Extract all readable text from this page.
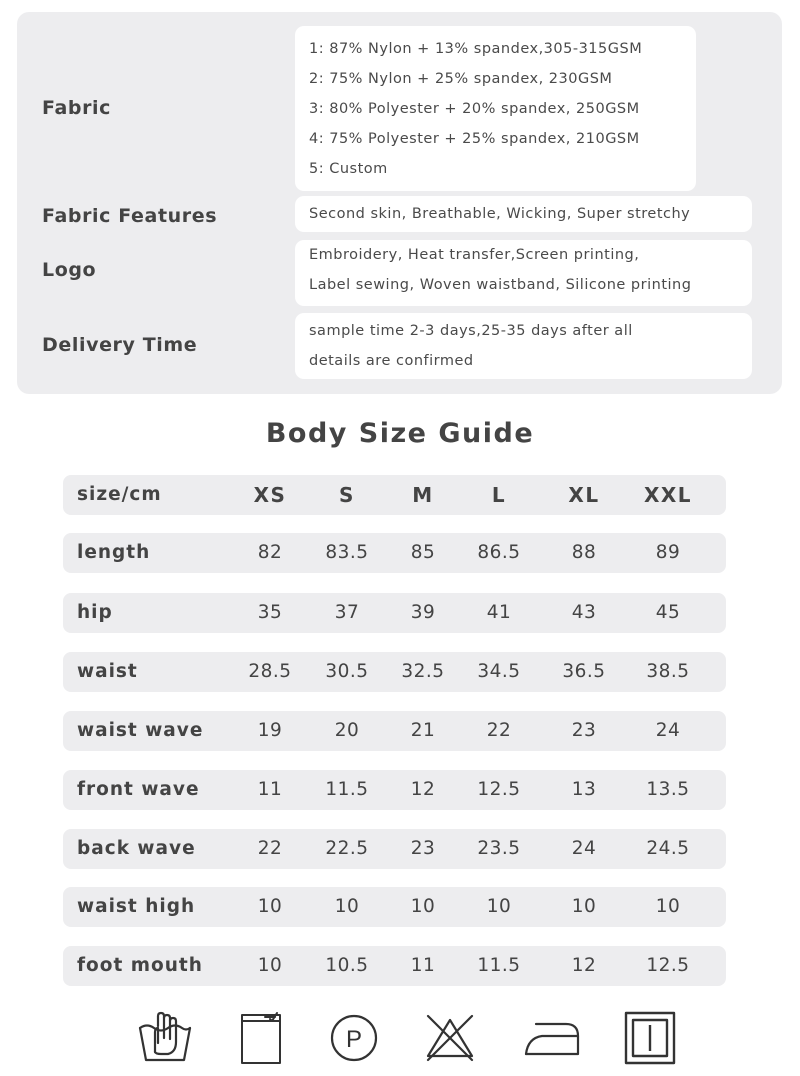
Fabric
1: 87% Nylon + 13% spandex,305-315GSM
2: 75% Nylon + 25% spandex, 230GSM
3: 80% Polyester + 20% spandex, 250GSM
4: 75% Polyester + 25% spandex, 210GSM
5: Custom
Fabric Features	Second skin, Breathable, Wicking, Super stretchy
Logo
Embroidery, Heat transfer,Screen printing,
Label sewing, Woven waistband, Silicone printing
Delivery Time
sample time 2-3 days,25-35 days after all
details are confirmed
Body Size Guide
size/cm	XS	S	M	L	XL	XXL
length	82	83.5	85	86.5	88	89
hip	35	37	39	41	43	45
waist	28.5	30.5	32.5	34.5	36.5	38.5
waist wave	19	20	21	22	23	24
front wave	11	11.5	12	12.5	13	13.5
back wave	22	22.5	23	23.5	24	24.5
waist high	10	10	10	10	10	10
foot mouth	10	10.5	11	11.5	12	12.5
P
